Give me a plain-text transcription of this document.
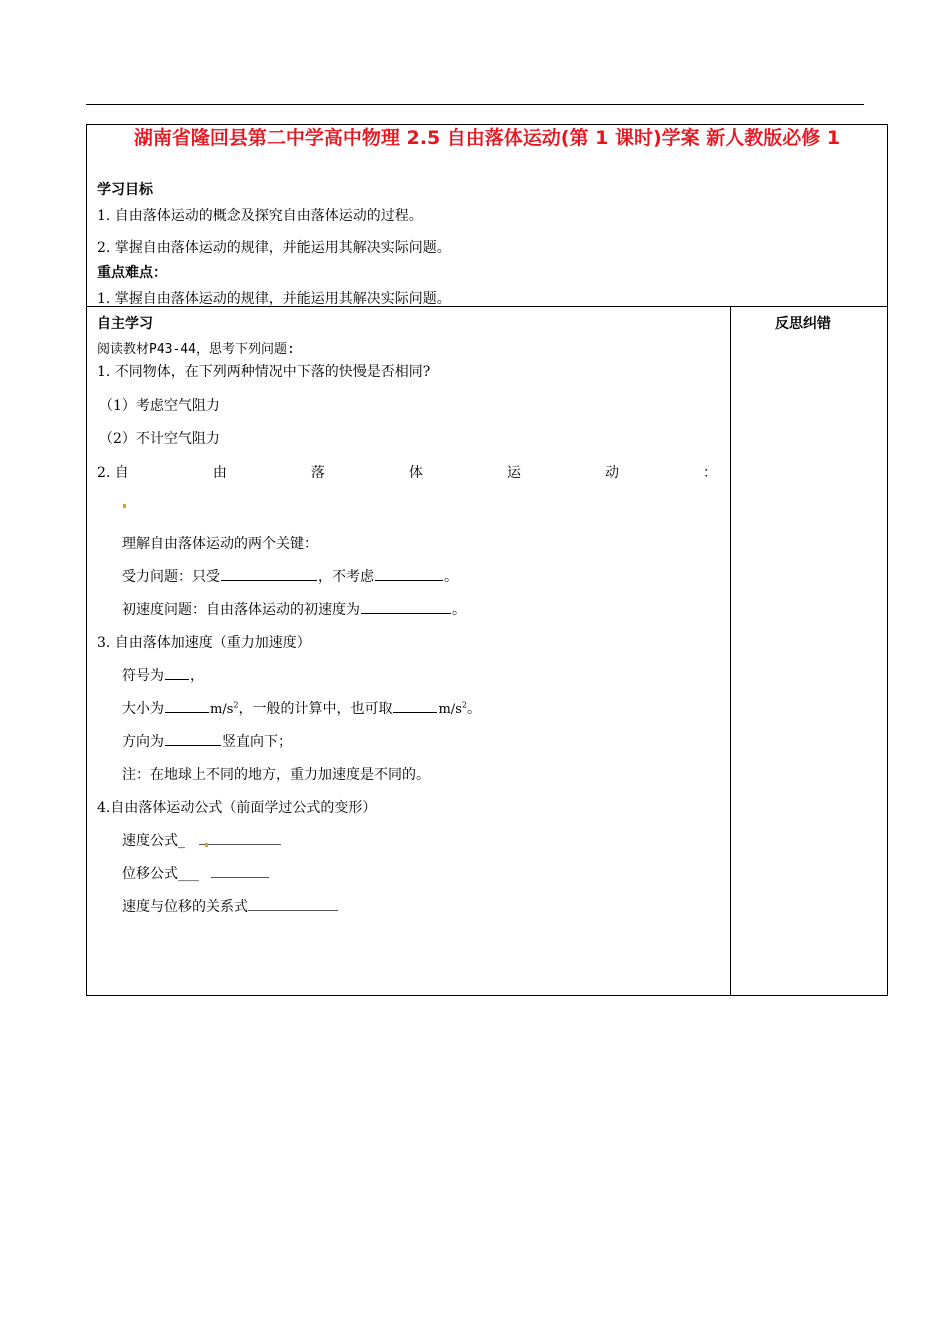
湖南省隆回县第二中学高中物理 2.5 自由落体运动(第 1 课时)学案 新人教版必修 1
学习目标
1. 自由落体运动的概念及探究自由落体运动的过程。
2. 掌握自由落体运动的规律，并能运用其解决实际问题。
重点难点：
1. 掌握自由落体运动的规律，并能运用其解决实际问题。
自主学习	反思纠错
阅读教材P43-44，思考下列问题:
1. 不同物体，在下列两种情况中下落的快慢是否相同?
（1）考虑空气阻力
（2）不计空气阻力
2. 自	由	落	体	运	动	：
理解自由落体运动的两个关键：
受力问题：只受	，不考虑	。
初速度问题：自由落体运动的初速度为	。
3. 自由落体加速度（重力加速度）
符号为 ，
大小为	$m/s^2$，一般的计算中，也可取	$m/s^2$。
方向为	竖直向下；
注：在地球上不同的地方，重力加速度是不同的。
4.自由落体运动公式（前面学过公式的变形）
速度公式_
位移公式___
速度与位移的关系式
